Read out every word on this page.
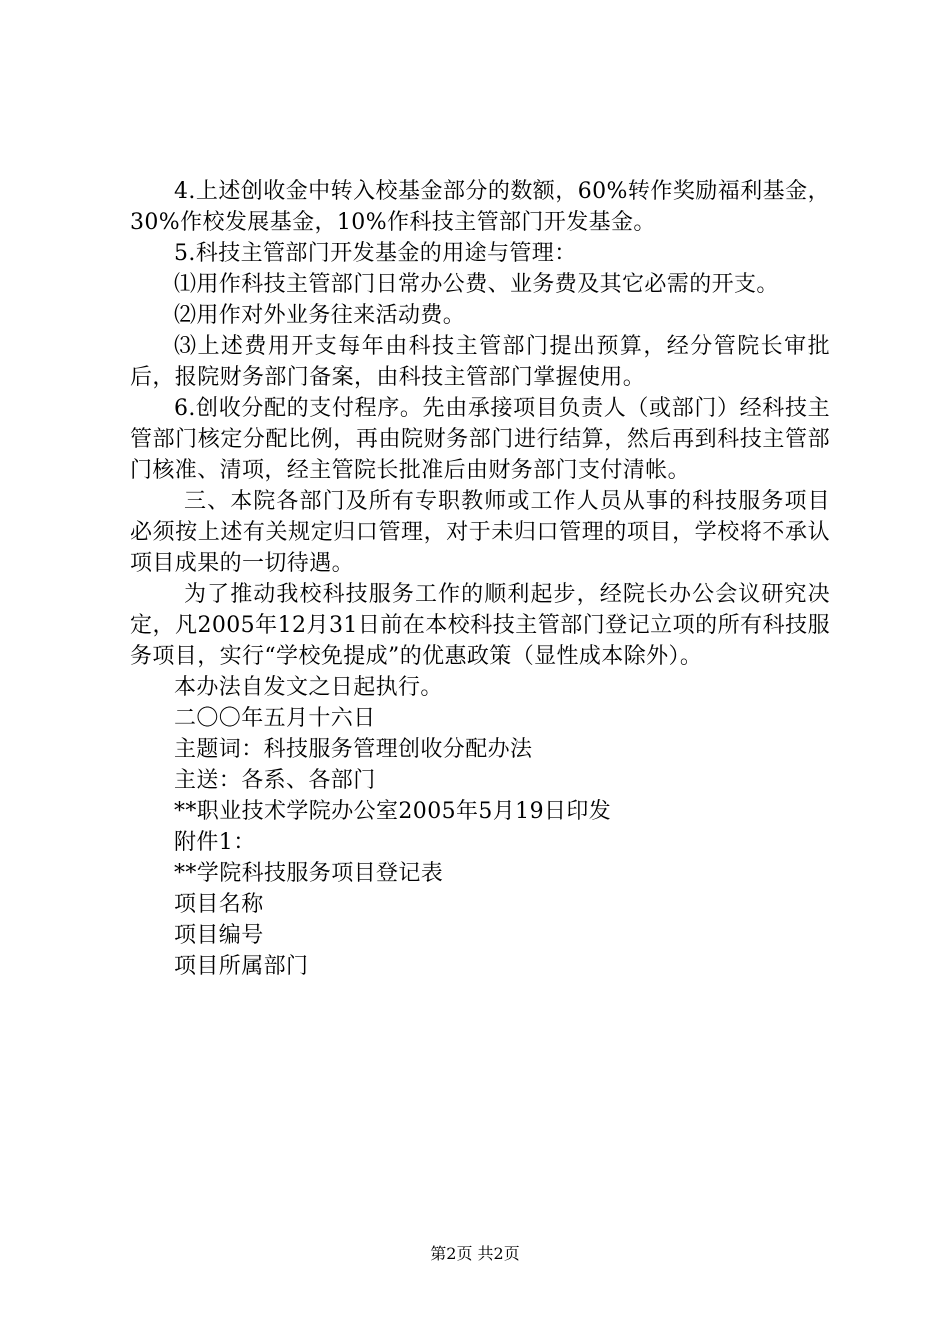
4.上述创收金中转入校基金部分的数额，60%转作奖励福利基金，30%作校发展基金，10%作科技主管部门开发基金。

5.科技主管部门开发基金的用途与管理：

⑴用作科技主管部门日常办公费、业务费及其它必需的开支。

⑵用作对外业务往来活动费。

⑶上述费用开支每年由科技主管部门提出预算，经分管院长审批后，报院财务部门备案，由科技主管部门掌握使用。

6.创收分配的支付程序。先由承接项目负责人（或部门）经科技主管部门核定分配比例，再由院财务部门进行结算，然后再到科技主管部门核准、清项，经主管院长批准后由财务部门支付清帐。

三、本院各部门及所有专职教师或工作人员从事的科技服务项目必须按上述有关规定归口管理，对于未归口管理的项目，学校将不承认项目成果的一切待遇。

为了推动我校科技服务工作的顺利起步，经院长办公会议研究决定，凡2005年12月31日前在本校科技主管部门登记立项的所有科技服务项目，实行“学校免提成”的优惠政策（显性成本除外）。

本办法自发文之日起执行。

二〇〇年五月十六日

主题词：科技服务管理创收分配办法

主送：各系、各部门

**职业技术学院办公室2005年5月19日印发

附件1：

**学院科技服务项目登记表

项目名称

项目编号

项目所属部门

第2页 共2页
